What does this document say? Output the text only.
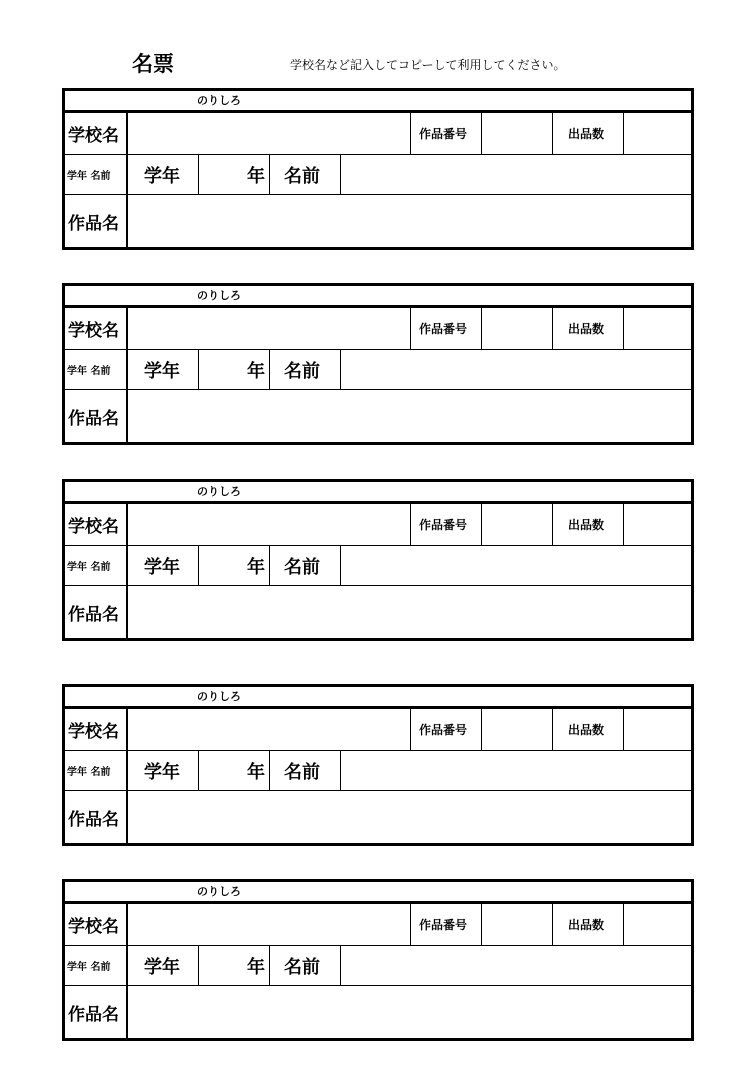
名票	学校名など記入してコピーして利用してください。
のりしろ
学校名	作品番号	出品数
学年 名前 学年	年 名前
作品名
のりしろ
学校名	作品番号	出品数
学年 名前 学年	年 名前
作品名
のりしろ
学校名	作品番号	出品数
学年 名前 学年	年 名前
作品名
のりしろ
学校名	作品番号	出品数
学年 名前 学年	年 名前
作品名
のりしろ
学校名	作品番号	出品数
学年 名前 学年	年 名前
作品名
